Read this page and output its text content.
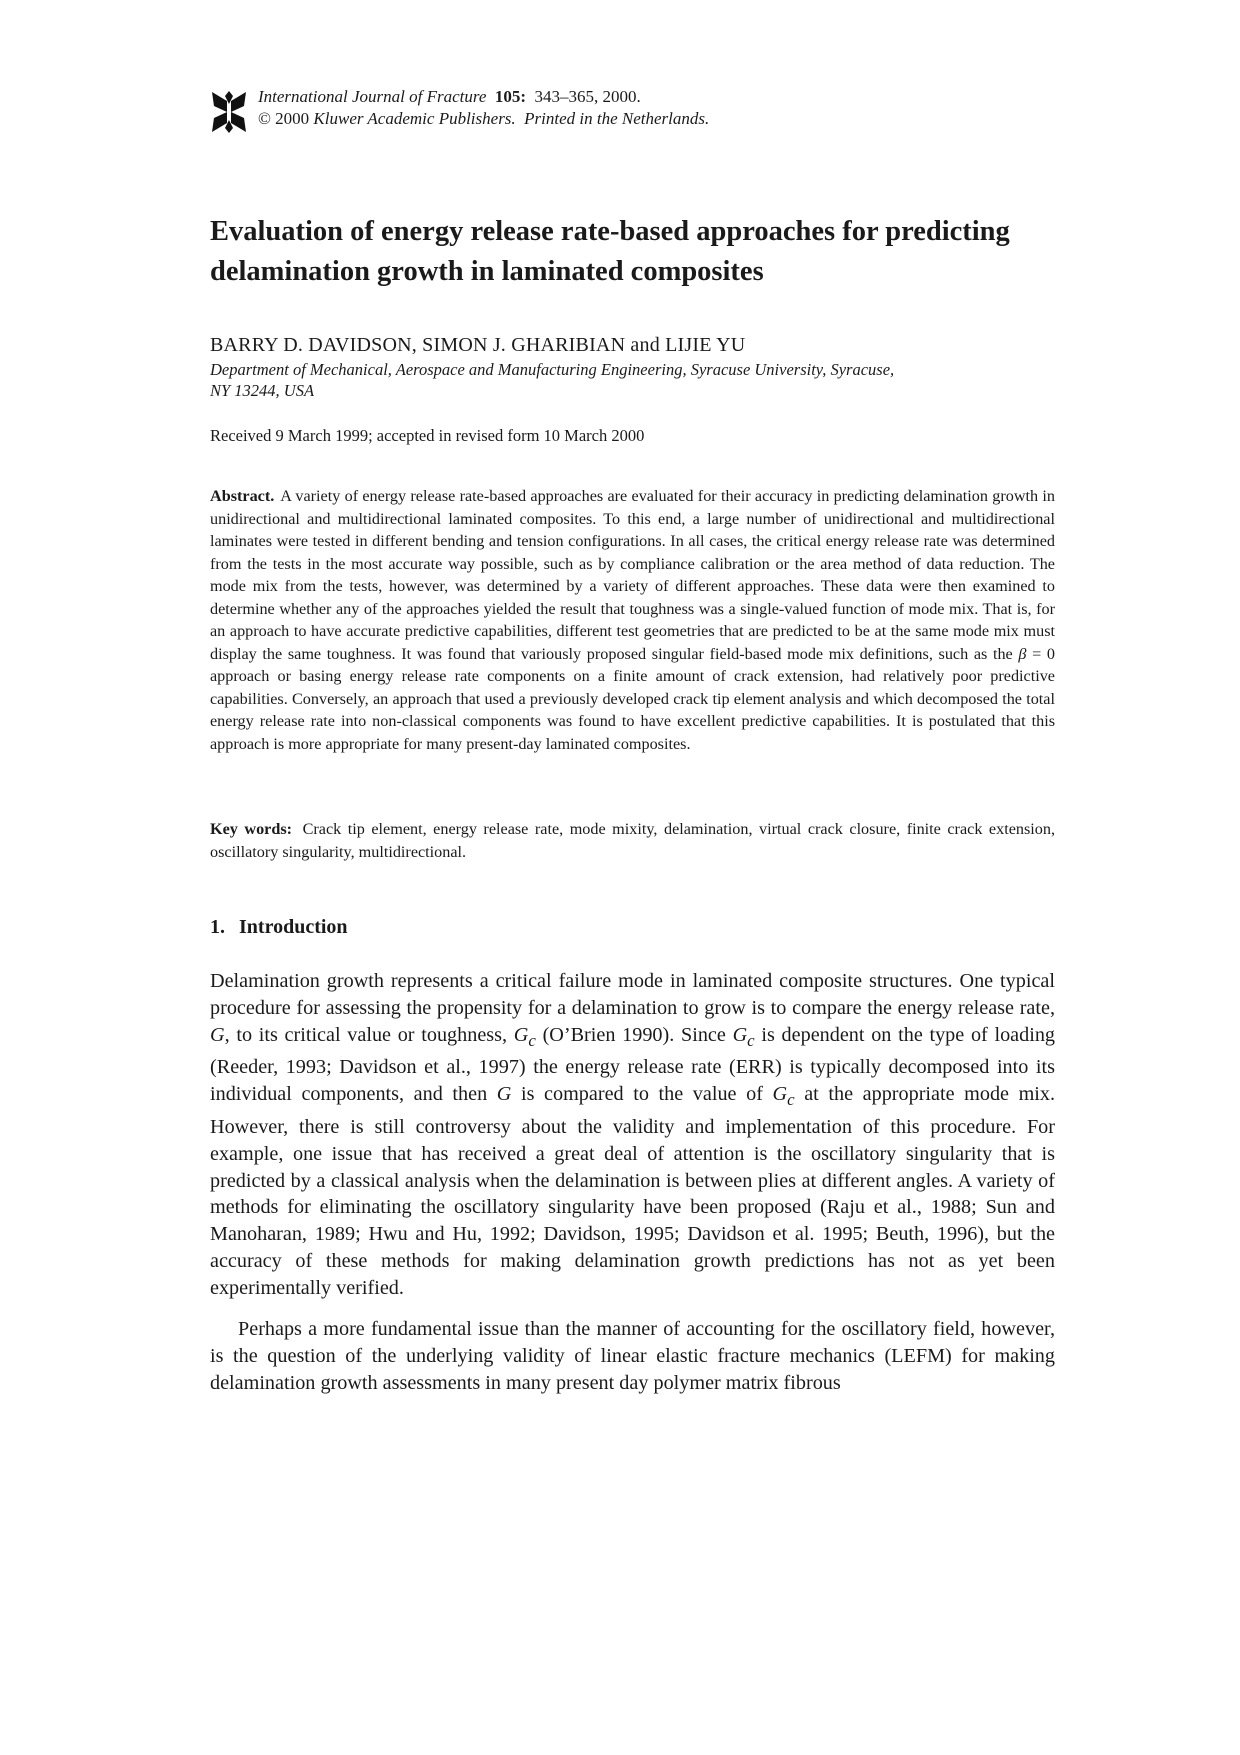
International Journal of Fracture 105: 343–365, 2000.
© 2000 Kluwer Academic Publishers. Printed in the Netherlands.
Evaluation of energy release rate-based approaches for predicting
delamination growth in laminated composites
BARRY D. DAVIDSON, SIMON J. GHARIBIAN and LIJIE YU
Department of Mechanical, Aerospace and Manufacturing Engineering, Syracuse University, Syracuse,
NY 13244, USA
Received 9 March 1999; accepted in revised form 10 March 2000

Abstract. A variety of energy release rate-based approaches are evaluated for their accuracy in predicting delamination growth in unidirectional and multidirectional laminated composites. To this end, a large number of unidirectional and multidirectional laminates were tested in different bending and tension configurations. In all cases, the critical energy release rate was determined from the tests in the most accurate way possible, such as by compliance calibration or the area method of data reduction. The mode mix from the tests, however, was determined by a variety of different approaches. These data were then examined to determine whether any of the approaches yielded the result that toughness was a single-valued function of mode mix. That is, for an approach to have accurate predictive capabilities, different test geometries that are predicted to be at the same mode mix must display the same toughness. It was found that variously proposed singular field-based mode mix definitions, such as the β = 0 approach or basing energy release rate components on a finite amount of crack extension, had relatively poor predictive capabilities. Conversely, an approach that used a previously developed crack tip element analysis and which decomposed the total energy release rate into non-classical components was found to have excellent predictive capabilities. It is postulated that this approach is more appropriate for many present-day laminated composites.

Key words: Crack tip element, energy release rate, mode mixity, delamination, virtual crack closure, finite crack extension, oscillatory singularity, multidirectional.

1. Introduction

Delamination growth represents a critical failure mode in laminated composite structures. One typical procedure for assessing the propensity for a delamination to grow is to compare the energy release rate, G, to its critical value or toughness, $G_c$ (O’Brien 1990). Since $G_c$ is dependent on the type of loading (Reeder, 1993; Davidson et al., 1997) the energy release rate (ERR) is typically decomposed into its individual components, and then G is compared to the value of $G_c$ at the appropriate mode mix. However, there is still controversy about the validity and implementation of this procedure. For example, one issue that has received a great deal of attention is the oscillatory singularity that is predicted by a classical analysis when the delamination is between plies at different angles. A variety of methods for eliminating the oscillatory singularity have been proposed (Raju et al., 1988; Sun and Manoharan, 1989; Hwu and Hu, 1992; Davidson, 1995; Davidson et al. 1995; Beuth, 1996), but the accuracy of these methods for making delamination growth predictions has not as yet been experimentally verified.

Perhaps a more fundamental issue than the manner of accounting for the oscillatory field, however, is the question of the underlying validity of linear elastic fracture mechanics (LEFM) for making delamination growth assessments in many present day polymer matrix fibrous
